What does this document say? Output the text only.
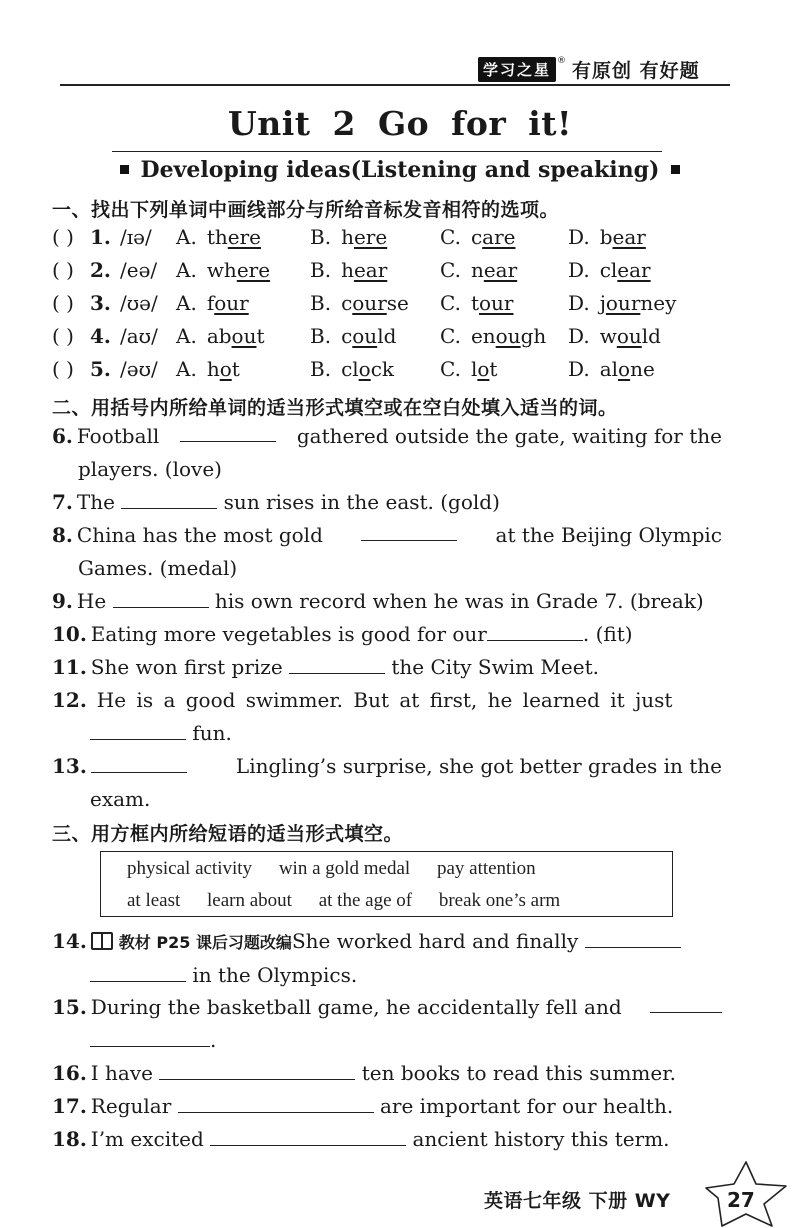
学习之星 ® 有原创 有好题
Unit 2 Go for it!
Developing ideas(Listening and speaking)
一、找出下列单词中画线部分与所给音标发音相符的选项。
( ) 1. /ɪə/ A. there B. here	C. care	D. bear
( ) 2. /eə/ A. where B. hear	C. near	D. clear
( ) 3. /ʊə/ A. four	B. course C. tour	D. journey
( ) 4. /aʊ/ A. about B. could C. enough D. would
( ) 5. /əʊ/ A. hot	B. clock C. lot	D. alone
二、用括号内所给单词的适当形式填空或在空白处填入适当的词。
6. Football	gathered outside the gate, waiting for the
players. (love)
7. The	sun rises in the east. (gold)
8. China has the most gold	at the Beijing Olympic
Games. (medal)
9. He	his own record when he was in Grade 7. (break)
10. Eating more vegetables is good for our	. (fit)
11. She won first prize	the City Swim Meet.
12. He is a good swimmer. But at first, he learned it just
fun.
13.	Lingling’s surprise, she got better grades in the
exam.
三、用方框内所给短语的适当形式填空。
physical activity win a gold medal pay attention
at least learn about at the age of break one’s arm
14. 教材 P25 课后习题改编She worked hard and finally
in the Olympics.
15. During the basketball game, he accidentally fell and
.
16. I have	ten books to read this summer.
17. Regular	are important for our health.
18. I’m excited	ancient history this term.
英语七年级 下册 WY	27
